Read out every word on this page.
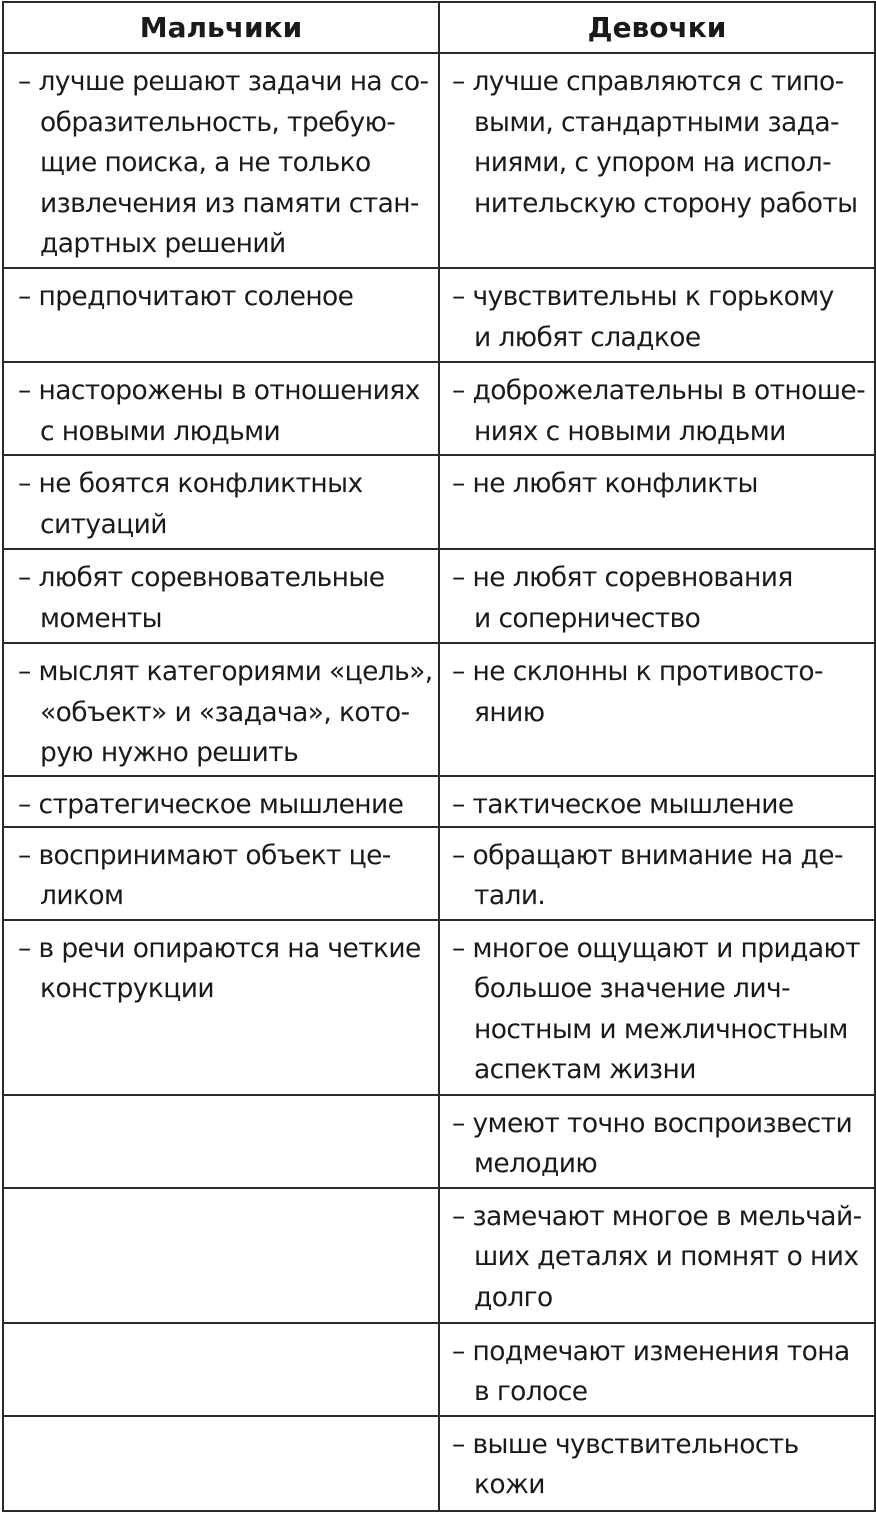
Мальчики	Девочки

– лучше решают задачи на со-
образительность, требую-
щие поиска, а не только
извлечения из памяти стан-
дартных решений	– лучше справляются с типо-
выми, стандартными зада-
ниями, с упором на испол-
нительскую сторону работы

– предпочитают соленое	– чувствительны к горькому
и любят сладкое

– насторожены в отношениях
с новыми людьми	– доброжелательны в отноше-
ниях с новыми людьми

– не боятся конфликтных
ситуаций	– не любят конфликты

– любят соревновательные
моменты	– не любят соревнования
и соперничество

– мыслят категориями «цель»,
«объект» и «задача», кото-
рую нужно решить	– не склонны к противосто-
янию

– стратегическое мышление	– тактическое мышление

– воспринимают объект це-
ликом	– обращают внимание на де-
тали.

– в речи опираются на четкие
конструкции	– многое ощущают и придают
большое значение лич-
ностным и межличностным
аспектам жизни

	– умеют точно воспроизвести
мелодию

	– замечают многое в мельчай-
ших деталях и помнят о них
долго

	– подмечают изменения тона
в голосе

	– выше чувствительность
кожи
